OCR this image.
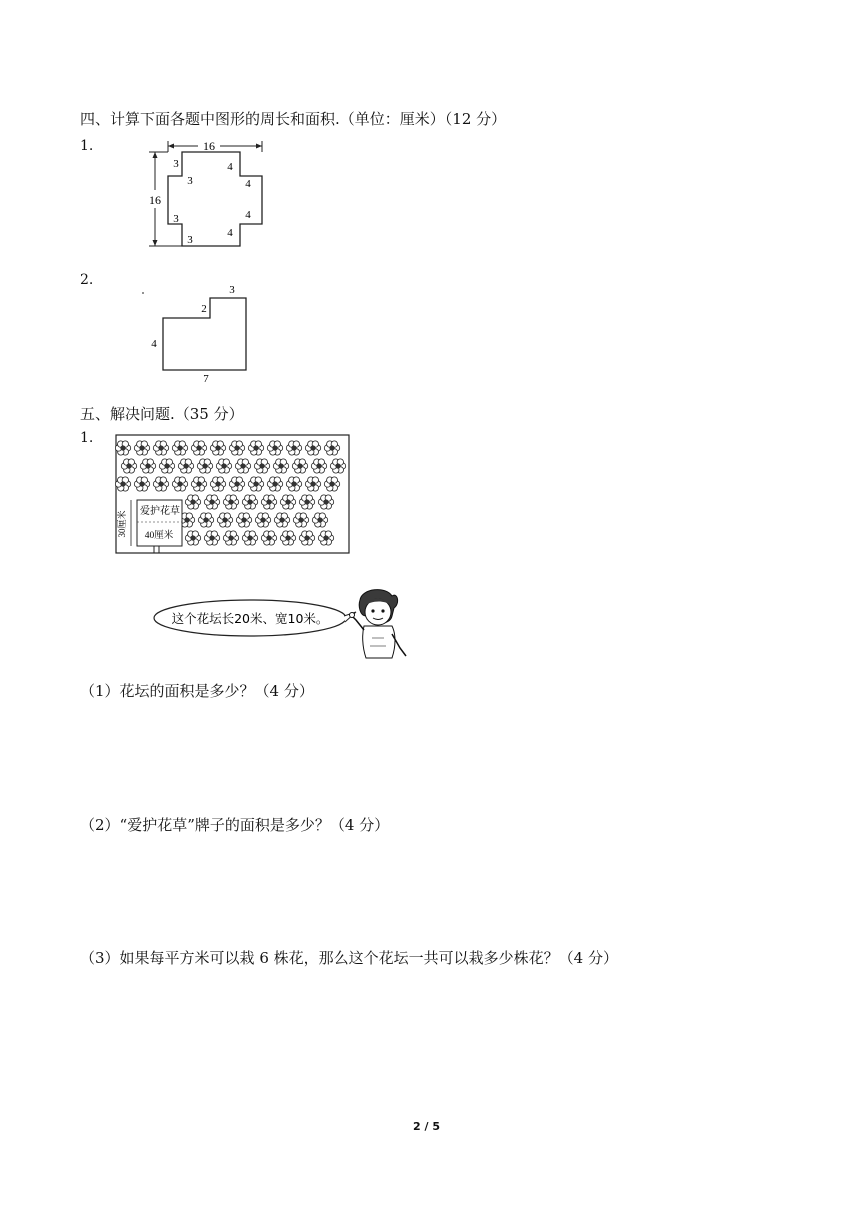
四、计算下面各题中图形的周长和面积.（单位：厘米）（12 分）
1.	16
16
3	4
3	4
3	4
3
4
2.
3
2
4
7
五、解决问题.（35 分）
1.
爱护花草
40厘米
30厘米
这个花坛长20米、宽10米。
（1）花坛的面积是多少？（4 分）
（2）“爱护花草”牌子的面积是多少？（4 分）
（3）如果每平方米可以栽 6 株花，那么这个花坛一共可以栽多少株花？（4 分）
2 / 5
